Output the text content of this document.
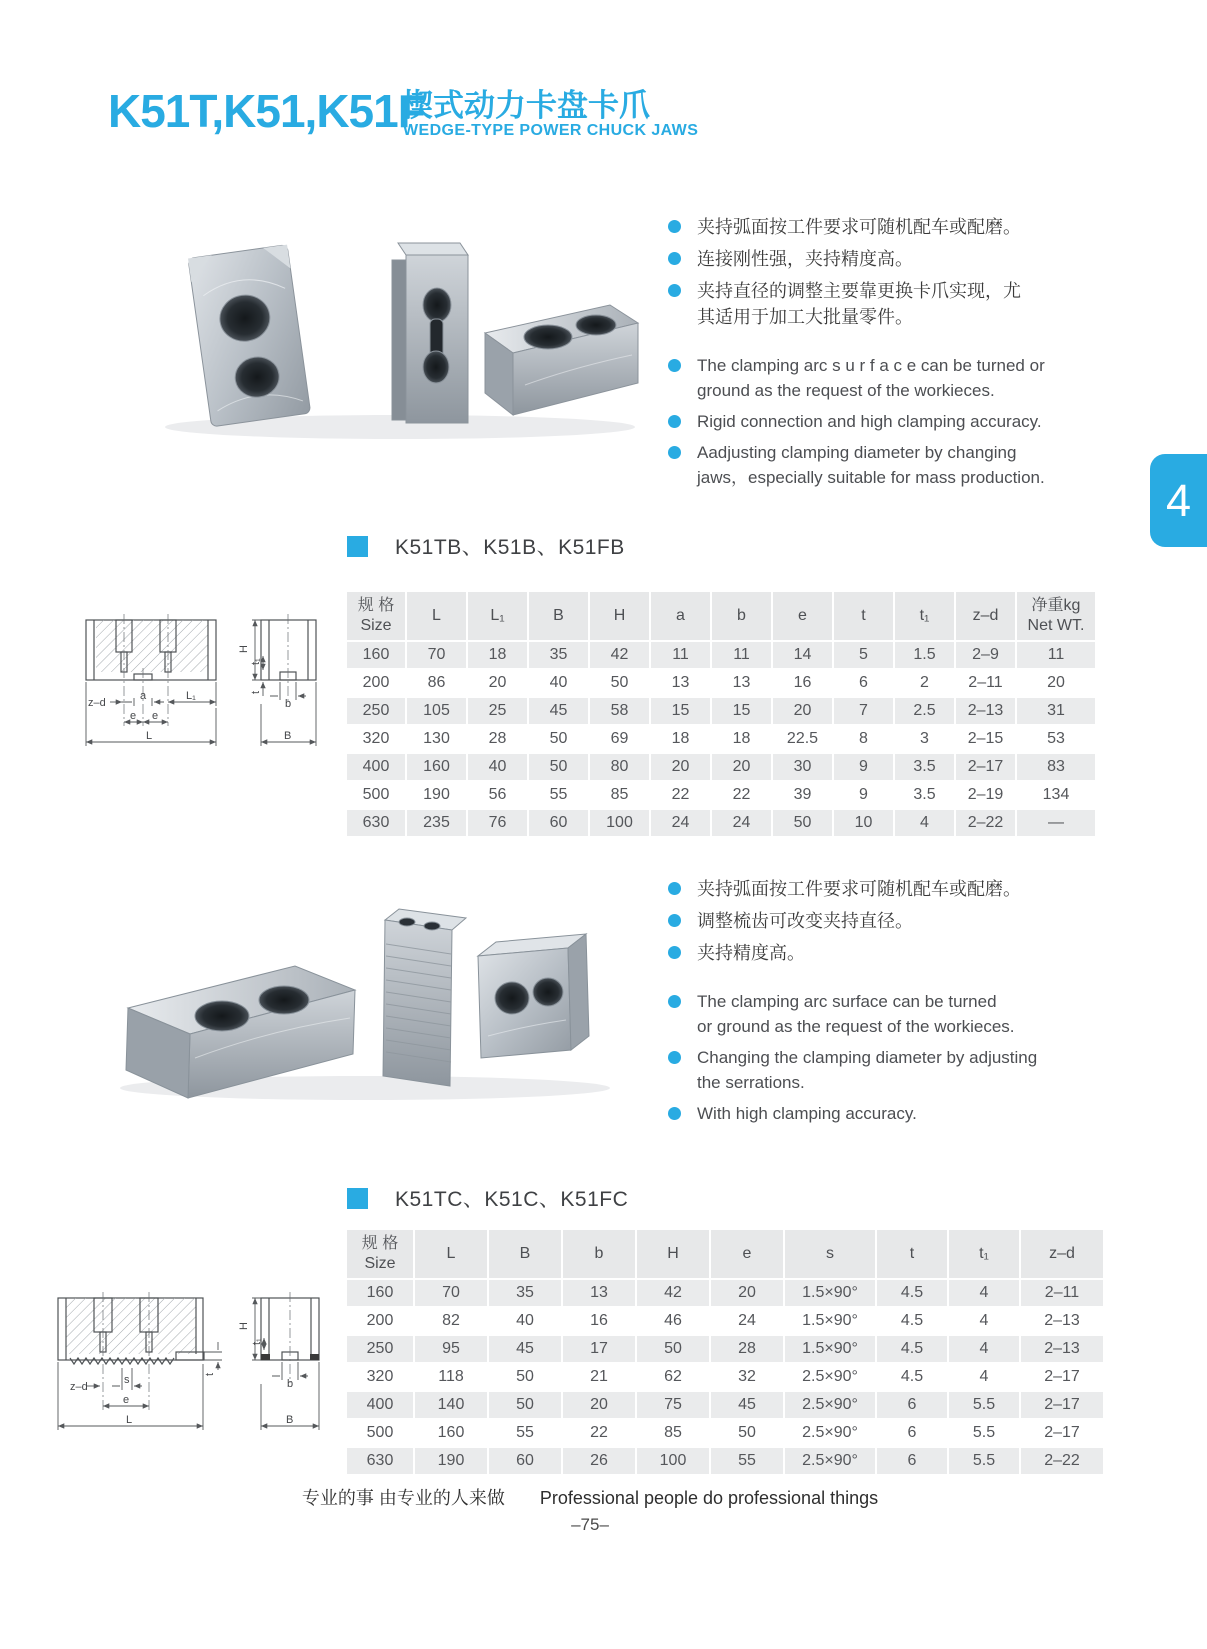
K51T,K51,K51F
楔式动力卡盘卡爪
WEDGE-TYPE POWER CHUCK JAWS
夹持弧面按工件要求可随机配车或配磨。
连接刚性强，夹持精度高。
夹持直径的调整主要靠更换卡爪实现，尤
其适用于加工大批量零件。
The clamping arc s u r f a c e can be turned or
ground as the request of the workieces.
Rigid connection and high clamping accuracy.
Aadjusting clamping diameter by changing
jaws，especially suitable for mass production.	4
K51TB、K51B、K51FB
z–d
a	L₁
e e
L
H
t₁
t
b
B
规 格
Size	L	L₁	B	H	a	b	e	t	t₁	z–d	净重kg
Net WT.
160	70	18	35	42	11	11	14	5	1.5	2–9	11
200	86	20	40	50	13	13	16	6	2	2–11	20
250	105	25	45	58	15	15	20	7	2.5	2–13	31
320	130	28	50	69	18	18	22.5	8	3	2–15	53
400	160	40	50	80	20	20	30	9	3.5	2–17	83
500	190	56	55	85	22	22	39	9	3.5	2–19	134
630	235	76	60	100	24	24	50	10	4	2–22	—
夹持弧面按工件要求可随机配车或配磨。
调整梳齿可改变夹持直径。
夹持精度高。
The clamping arc surface can be turned
or ground as the request of the workieces.
Changing the clamping diameter by adjusting
the serrations.
With high clamping accuracy.
K51TC、K51C、K51FC
t
z–d
s
e
L
H
t₁
b
B
规 格
Size	L	B	b	H	e	s	t	t₁	z–d
160	70	35	13	42	20	1.5×90°	4.5	4	2–11
200	82	40	16	46	24	1.5×90°	4.5	4	2–13
250	95	45	17	50	28	1.5×90°	4.5	4	2–13
320	118	50	21	62	32	2.5×90°	4.5	4	2–17
400	140	50	20	75	45	2.5×90°	6	5.5	2–17
500	160	55	22	85	50	2.5×90°	6	5.5	2–17
630	190	60	26	100	55	2.5×90°	6	5.5	2–22
专业的事 由专业的人来做 Professional people do professional things
–75–
